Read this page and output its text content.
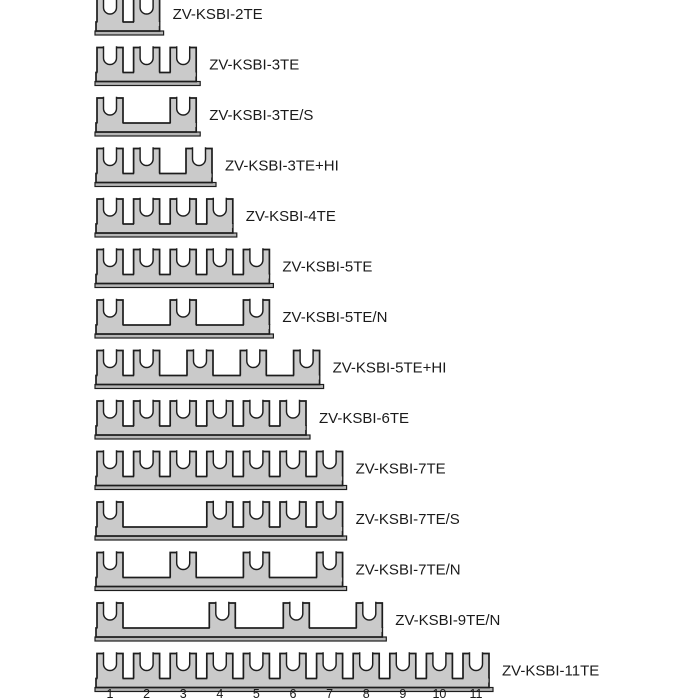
ZV-KSBI-2TE
ZV-KSBI-3TE
ZV-KSBI-3TE/S
ZV-KSBI-3TE+HI
ZV-KSBI-4TE
ZV-KSBI-5TE
ZV-KSBI-5TE/N
ZV-KSBI-5TE+HI
ZV-KSBI-6TE
ZV-KSBI-7TE
ZV-KSBI-7TE/S
ZV-KSBI-7TE/N
ZV-KSBI-9TE/N
ZV-KSBI-11TE
1 2 3 4 5 6 7 8 9 10 11
